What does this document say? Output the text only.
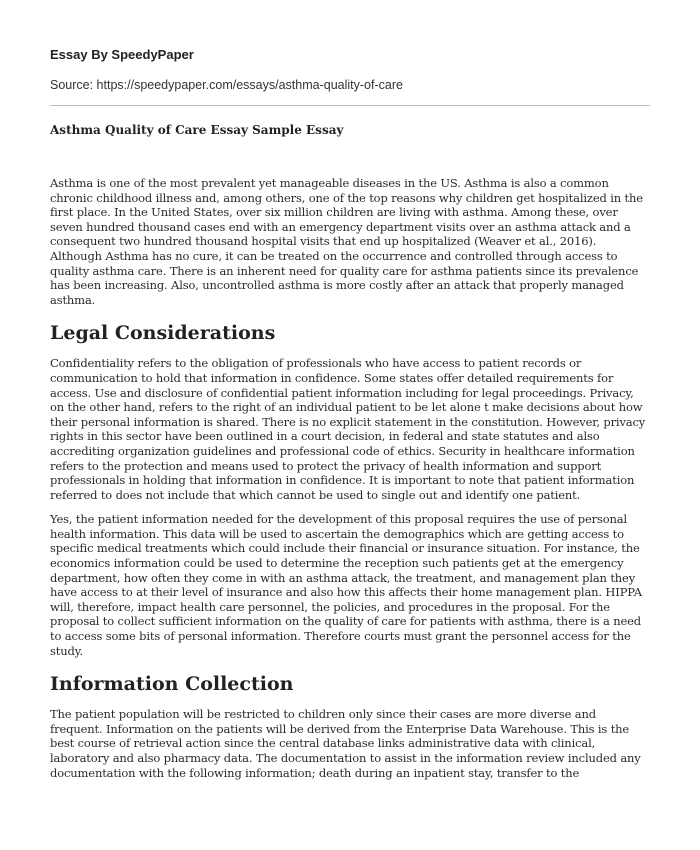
Essay By SpeedyPaper
Source: https://speedypaper.com/essays/asthma-quality-of-care
Asthma Quality of Care Essay Sample Essay

Asthma is one of the most prevalent yet manageable diseases in the US. Asthma is also a common chronic childhood illness and, among others, one of the top reasons why children get hospitalized in the first place. In the United States, over six million children are living with asthma. Among these, over seven hundred thousand cases end with an emergency department visits over an asthma attack and a consequent two hundred thousand hospital visits that end up hospitalized (Weaver et al., 2016). Although Asthma has no cure, it can be treated on the occurrence and controlled through access to quality asthma care. There is an inherent need for quality care for asthma patients since its prevalence has been increasing. Also, uncontrolled asthma is more costly after an attack that properly managed asthma.

Legal Considerations

Confidentiality refers to the obligation of professionals who have access to patient records or communication to hold that information in confidence. Some states offer detailed requirements for access. Use and disclosure of confidential patient information including for legal proceedings. Privacy, on the other hand, refers to the right of an individual patient to be let alone t make decisions about how their personal information is shared. There is no explicit statement in the constitution. However, privacy rights in this sector have been outlined in a court decision, in federal and state statutes and also accrediting organization guidelines and professional code of ethics. Security in healthcare information refers to the protection and means used to protect the privacy of health information and support professionals in holding that information in confidence. It is important to note that patient information referred to does not include that which cannot be used to single out and identify one patient.

Yes, the patient information needed for the development of this proposal requires the use of personal health information. This data will be used to ascertain the demographics which are getting access to specific medical treatments which could include their financial or insurance situation. For instance, the economics information could be used to determine the reception such patients get at the emergency department, how often they come in with an asthma attack, the treatment, and management plan they have access to at their level of insurance and also how this affects their home management plan. HIPPA will, therefore, impact health care personnel, the policies, and procedures in the proposal. For the proposal to collect sufficient information on the quality of care for patients with asthma, there is a need to access some bits of personal information. Therefore courts must grant the personnel access for the study.

Information Collection

The patient population will be restricted to children only since their cases are more diverse and frequent. Information on the patients will be derived from the Enterprise Data Warehouse. This is the best course of retrieval action since the central database links administrative data with clinical, laboratory and also pharmacy data. The documentation to assist in the information review included any documentation with the following information; death during an inpatient stay, transfer to the
